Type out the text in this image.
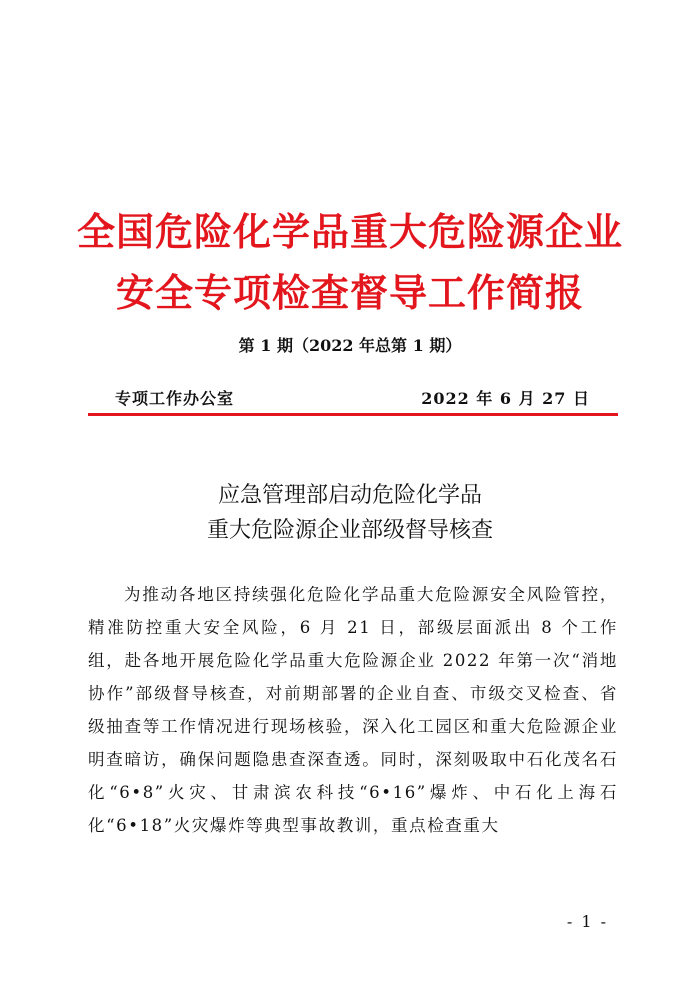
全国危险化学品重大危险源企业
安全专项检查督导工作简报
第 1 期（2022 年总第 1 期）
专项工作办公室	2022 年 6 月 27 日
应急管理部启动危险化学品
重大危险源企业部级督导核查
为推动各地区持续强化危险化学品重大危险源安全风险管控，精准防控重大安全风险，6 月 21 日，部级层面派出 8 个工作组，赴各地开展危险化学品重大危险源企业 2022 年第一次“消地协作”部级督导核查，对前期部署的企业自查、市级交叉检查、省级抽查等工作情况进行现场核验，深入化工园区和重大危险源企业明查暗访，确保问题隐患查深查透。同时，深刻吸取中石化茂名石化“6•8”火灾、甘肃滨农科技“6•16”爆炸、中石化上海石化“6•18”火灾爆炸等典型事故教训，重点检查重大
- 1 -
